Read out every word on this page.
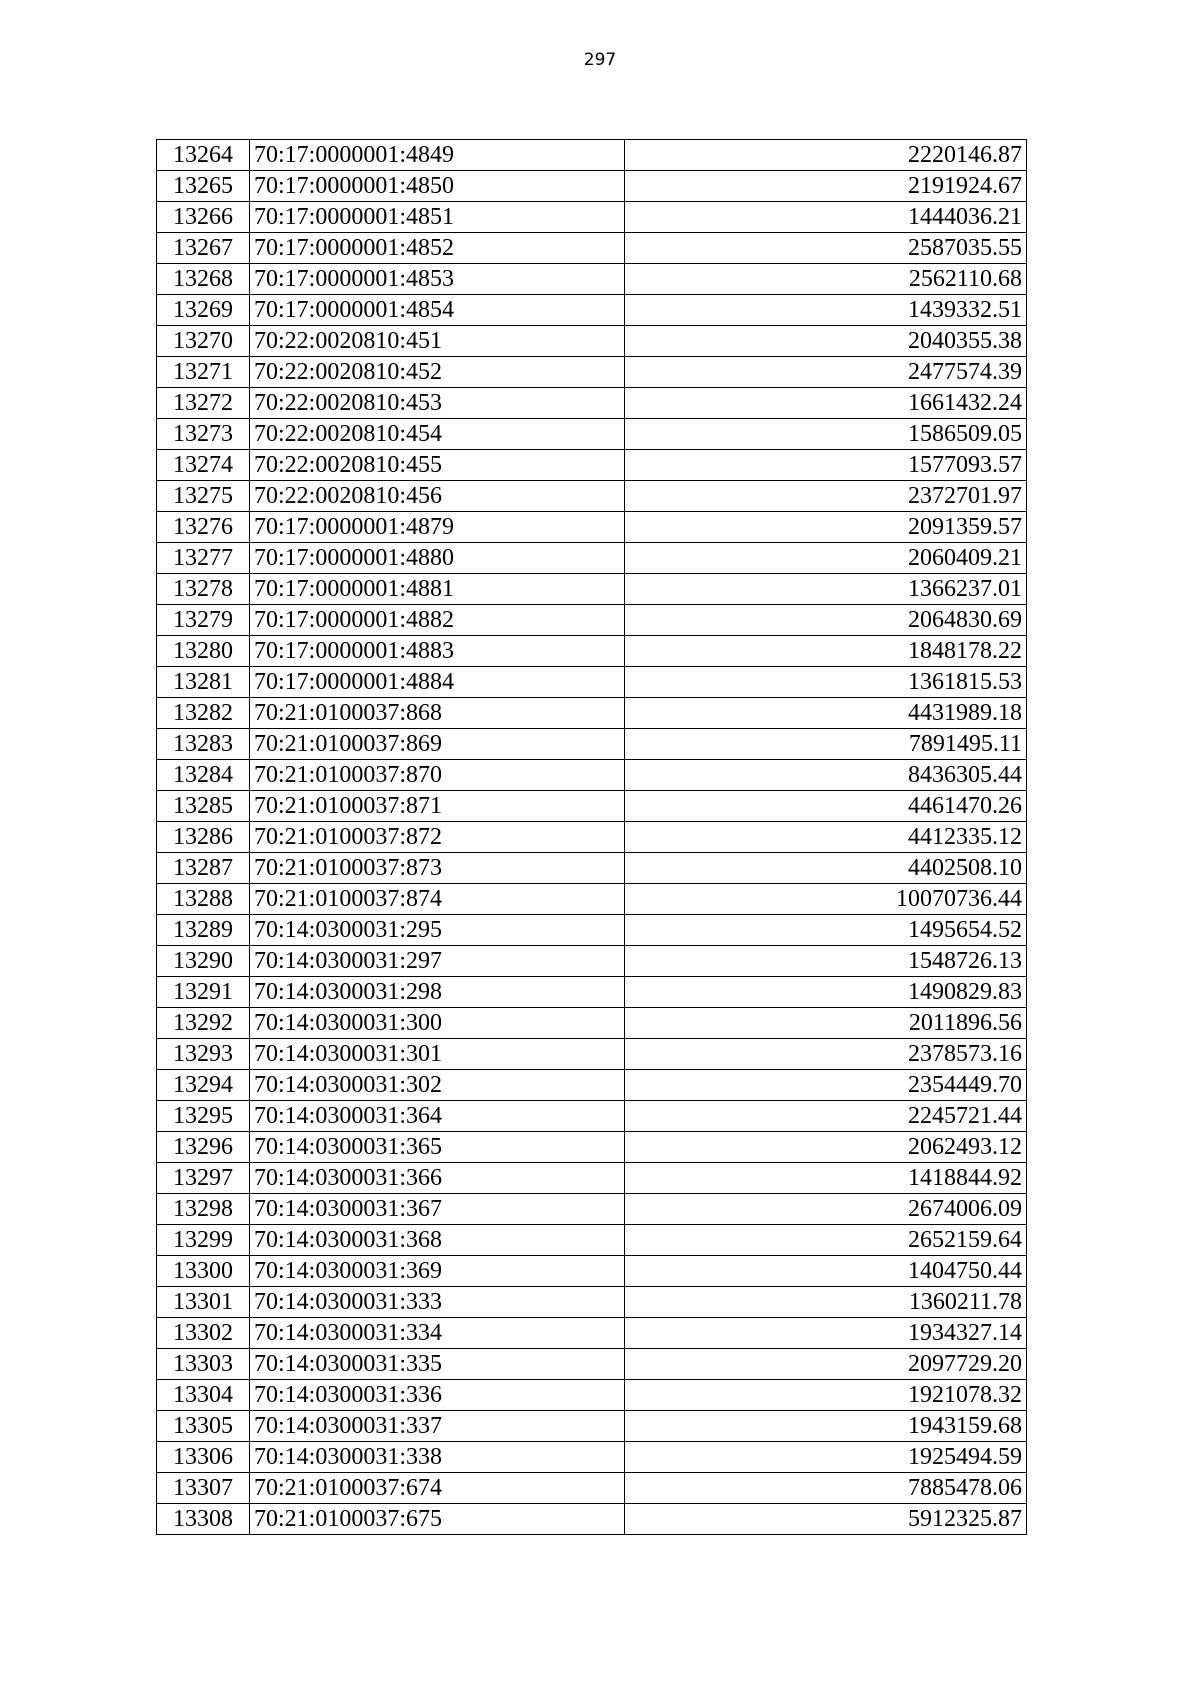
297
13264	70:17:0000001:4849	2220146.87
13265	70:17:0000001:4850	2191924.67
13266	70:17:0000001:4851	1444036.21
13267	70:17:0000001:4852	2587035.55
13268	70:17:0000001:4853	2562110.68
13269	70:17:0000001:4854	1439332.51
13270	70:22:0020810:451	2040355.38
13271	70:22:0020810:452	2477574.39
13272	70:22:0020810:453	1661432.24
13273	70:22:0020810:454	1586509.05
13274	70:22:0020810:455	1577093.57
13275	70:22:0020810:456	2372701.97
13276	70:17:0000001:4879	2091359.57
13277	70:17:0000001:4880	2060409.21
13278	70:17:0000001:4881	1366237.01
13279	70:17:0000001:4882	2064830.69
13280	70:17:0000001:4883	1848178.22
13281	70:17:0000001:4884	1361815.53
13282	70:21:0100037:868	4431989.18
13283	70:21:0100037:869	7891495.11
13284	70:21:0100037:870	8436305.44
13285	70:21:0100037:871	4461470.26
13286	70:21:0100037:872	4412335.12
13287	70:21:0100037:873	4402508.10
13288	70:21:0100037:874	10070736.44
13289	70:14:0300031:295	1495654.52
13290	70:14:0300031:297	1548726.13
13291	70:14:0300031:298	1490829.83
13292	70:14:0300031:300	2011896.56
13293	70:14:0300031:301	2378573.16
13294	70:14:0300031:302	2354449.70
13295	70:14:0300031:364	2245721.44
13296	70:14:0300031:365	2062493.12
13297	70:14:0300031:366	1418844.92
13298	70:14:0300031:367	2674006.09
13299	70:14:0300031:368	2652159.64
13300	70:14:0300031:369	1404750.44
13301	70:14:0300031:333	1360211.78
13302	70:14:0300031:334	1934327.14
13303	70:14:0300031:335	2097729.20
13304	70:14:0300031:336	1921078.32
13305	70:14:0300031:337	1943159.68
13306	70:14:0300031:338	1925494.59
13307	70:21:0100037:674	7885478.06
13308	70:21:0100037:675	5912325.87
